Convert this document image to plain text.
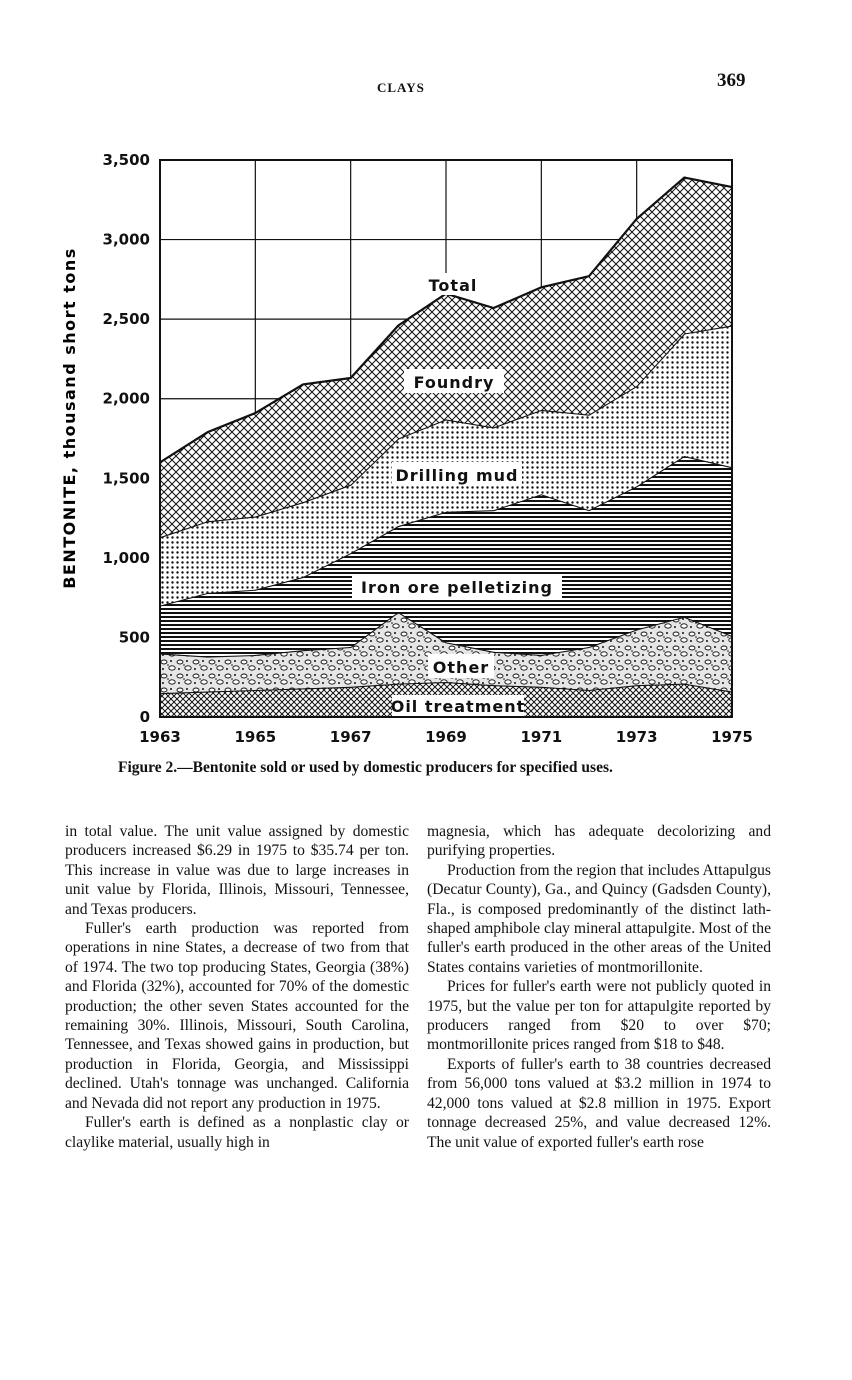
CLAYS	369
0
500
1,000
1,500
2,000
2,500
3,000
3,500
1963	1965	1967	1969	1971	1973	1975
BENTONITE, thousand short tons	Total
Foundry
Drilling mud
Iron ore pelletizing
Other
Oil treatment
Figure 2.—Bentonite sold or used by domestic producers for specified uses.

in total value. The unit value assigned by domestic producers increased $6.29 in 1975 to $35.74 per ton. This increase in value was due to large increases in unit value by Florida, Illinois, Missouri, Tennessee, and Texas producers.

Fuller's earth production was reported from operations in nine States, a decrease of two from that of 1974. The two top producing States, Georgia (38%) and Florida (32%), accounted for 70% of the domestic production; the other seven States accounted for the remaining 30%. Illinois, Missouri, South Carolina, Tennessee, and Texas showed gains in production, but production in Florida, Georgia, and Mississippi declined. Utah's tonnage was unchanged. California and Nevada did not report any production in 1975.

Fuller's earth is defined as a nonplastic clay or claylike material, usually high in

magnesia, which has adequate decolorizing and purifying properties.

Production from the region that includes Attapulgus (Decatur County), Ga., and Quincy (Gadsden County), Fla., is composed predominantly of the distinct lath-shaped amphibole clay mineral attapulgite. Most of the fuller's earth produced in the other areas of the United States contains varieties of montmorillonite.

Prices for fuller's earth were not publicly quoted in 1975, but the value per ton for attapulgite reported by producers ranged from $20 to over $70; montmorillonite prices ranged from $18 to $48.

Exports of fuller's earth to 38 countries decreased from 56,000 tons valued at $3.2 million in 1974 to 42,000 tons valued at $2.8 million in 1975. Export tonnage decreased 25%, and value decreased 12%. The unit value of exported fuller's earth rose
